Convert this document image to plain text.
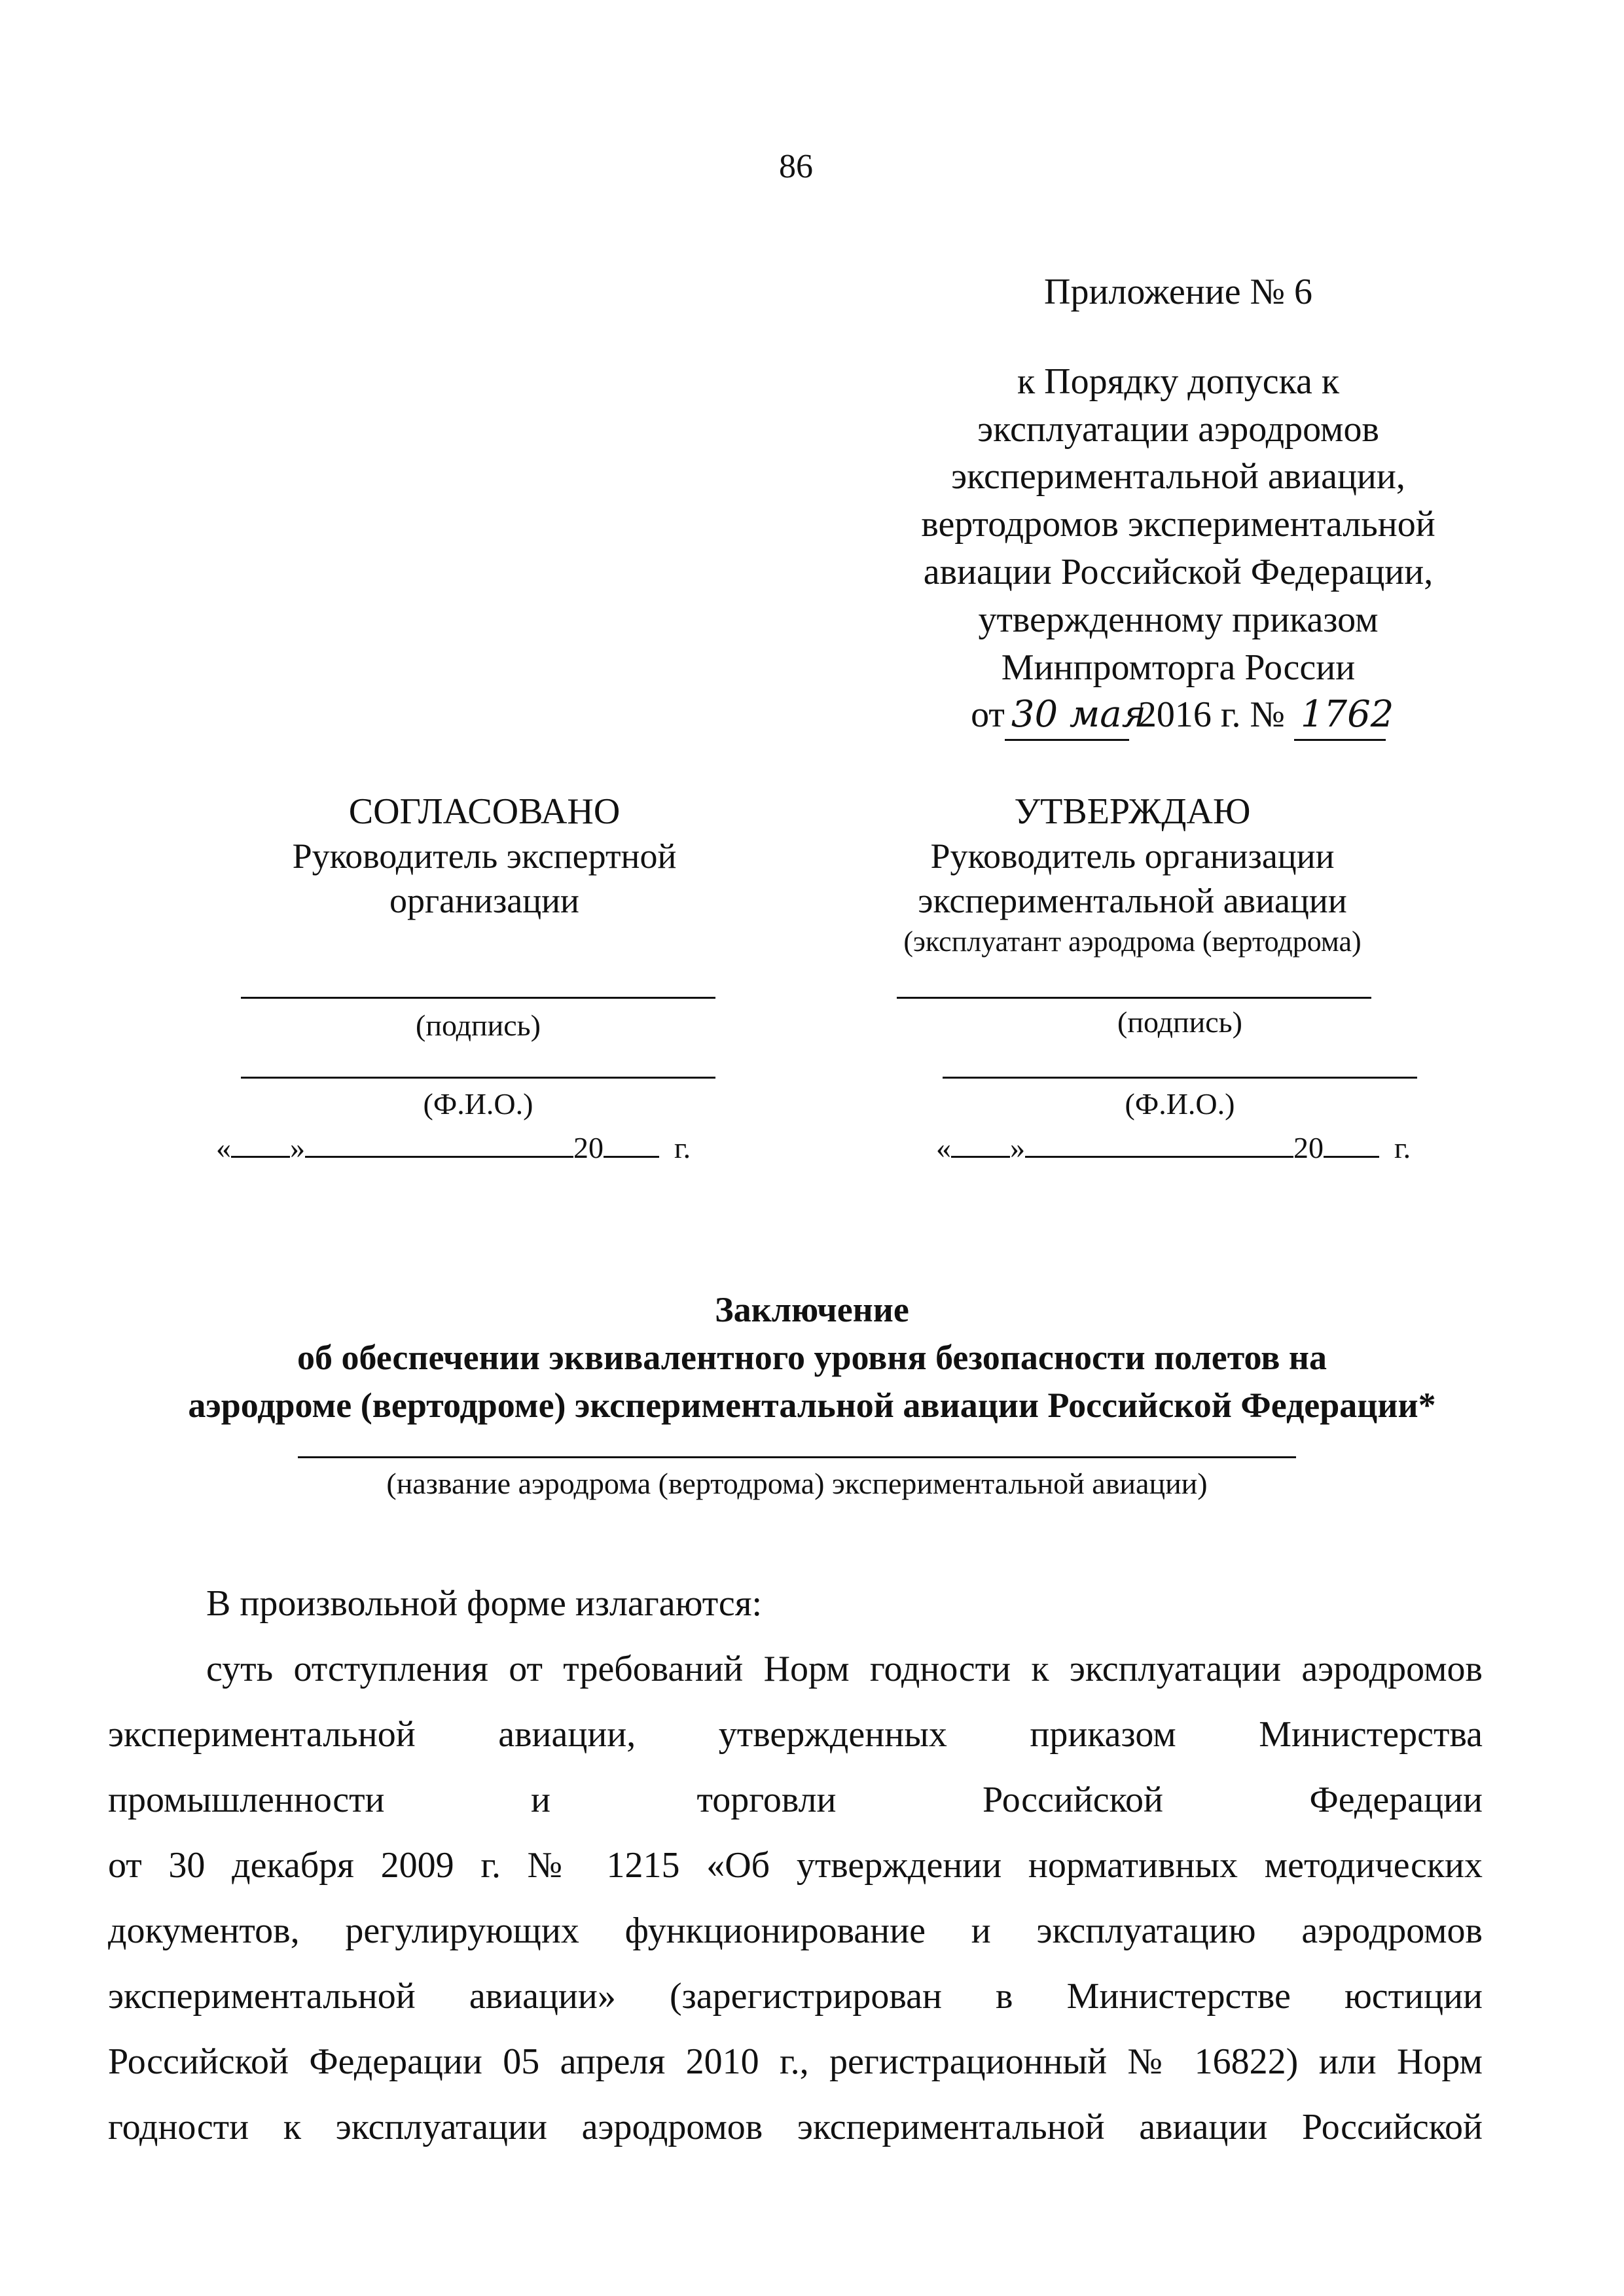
86
Приложение № 6
к Порядку допуска к
эксплуатации аэродромов
экспериментальной авиации,
вертодромов экспериментальной
авиации Российской Федерации,
утвержденному приказом
Минпромторга России
от 30 мая 2016 г. № 1762
СОГЛАСОВАНО
Руководитель экспертной
организации
(подпись)
(Ф.И.О.)
« »	20 г.
УТВЕРЖДАЮ
Руководитель организации
экспериментальной авиации
(эксплуатант аэродрома (вертодрома)
(подпись)
(Ф.И.О.)
« »	20 г.
Заключение
об обеспечении эквивалентного уровня безопасности полетов на
аэродроме (вертодроме) экспериментальной авиации Российской Федерации*
(название аэродрома (вертодрома) экспериментальной авиации)

В произвольной форме излагаются:

суть отступления от требований Норм годности к эксплуатации аэродромов

экспериментальной авиации, утвержденных приказом Министерства

промышленности и торговли Российской Федерации

от 30 декабря 2009 г. № 1215 «Об утверждении нормативных методических

документов, регулирующих функционирование и эксплуатацию аэродромов

экспериментальной авиации» (зарегистрирован в Министерстве юстиции

Российской Федерации 05 апреля 2010 г., регистрационный № 16822) или Норм

годности к эксплуатации аэродромов экспериментальной авиации Российской
